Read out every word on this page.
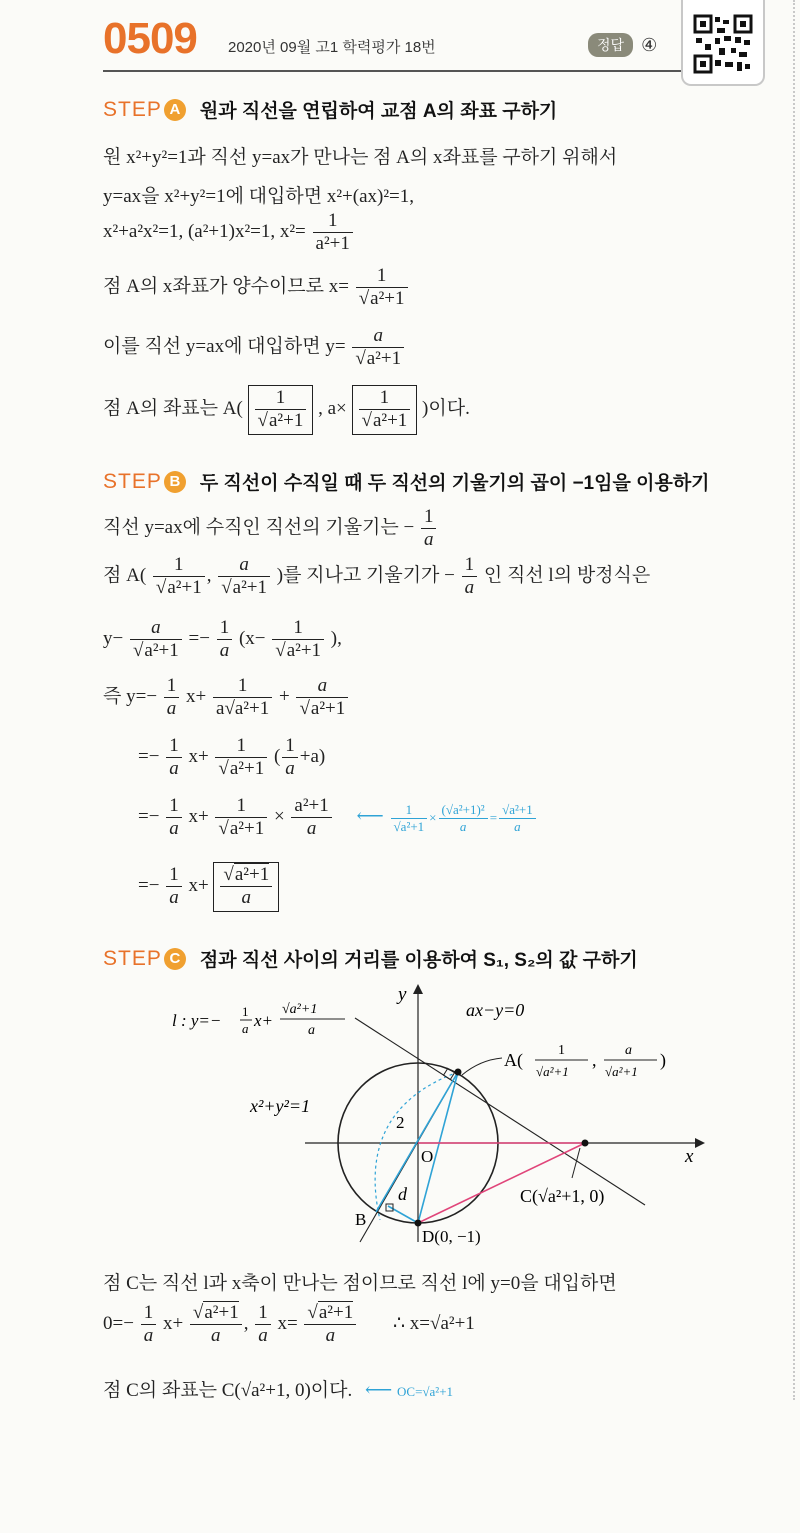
0509 2020년 09월 고1 학력평가 18번	정답 ④
STEP A 원과 직선을 연립하여 교점 A의 좌표 구하기
원 x²+y²=1과 직선 y=ax가 만나는 점 A의 x좌표를 구하기 위해서
y=ax을 x²+y²=1에 대입하면 x²+(ax)²=1,
x²+a²x²=1, (a²+1)x²=1, $x^2= \frac{1}{\text{a²+1}}$
점 A의 x좌표가 양수이므로 $x= \frac{1}{\text{√a²+1}}$
이를 직선 y=ax에 대입하면 $y= \frac{a}{\text{√a²+1}}$
점 A의 좌표는 $A( \frac{1}{\text{√a²+1}}$ , $a\times \frac{1}{\text{√a²+1}}$ )이다.
STEP B 두 직선이 수직일 때 두 직선의 기울기의 곱이 −1임을 이용하기
직선 y=ax에 수직인 직선의 기울기는 − $\frac{1}{a}$
점 $A( \frac{1}{\text{√a²+1}}$ , $\frac{a}{\text{√a²+1}}$ )를 지나고 기울기가 − $\frac{1}{a}$ 인 직선 l의 방정식은
$y- \frac{a}{\text{√a²+1}} =- \frac{1}{a} (x- \frac{1}{\text{√a²+1}}$ ),
즉 $y=- \frac{1}{a} x+ \frac{1}{\text{a√a²+1}} + \frac{a}{\text{√a²+1}}$
=− $\frac{1}{a} x+ \frac{1}{\text{√a²+1}}$ ( $\frac{1}{a} +a$)
=− $\frac{1}{a} x+ \frac{1}{\text{√a²+1}} \times \frac{\text{a²+1}}{a}$ ⟵ $\frac{1}{\text{√a²+1}} \times \frac{\text{(√a²+1)²}}{a} = \frac{\text{√a²+1}}{a}$
=− $\frac{1}{a} x+ \frac{\text{√a²+1}}{a}$
STEP C 점과 직선 사이의 거리를 이용하여 S₁, S₂의 값 구하기
y
x
O
2
x²+y²=1
ax−y=0
l : y=− 1
a x+
√a²+1
a
A(	1
√a²+1
, a
√a²+1
)
C(√a²+1, 0)
D(0, −1)
B
d
점 C는 직선 l과 x축이 만나는 점이므로 직선 l에 y=0을 대입하면
$0=- \frac{1}{a} x+ \frac{\text{√a²+1}}{a}$ , $\frac{1}{a} x= \frac{\text{√a²+1}}{a}$ ∴ x=√a²+1
점 C의 좌표는 C(√a²+1, 0)이다. ⟵ OC=√a²+1
